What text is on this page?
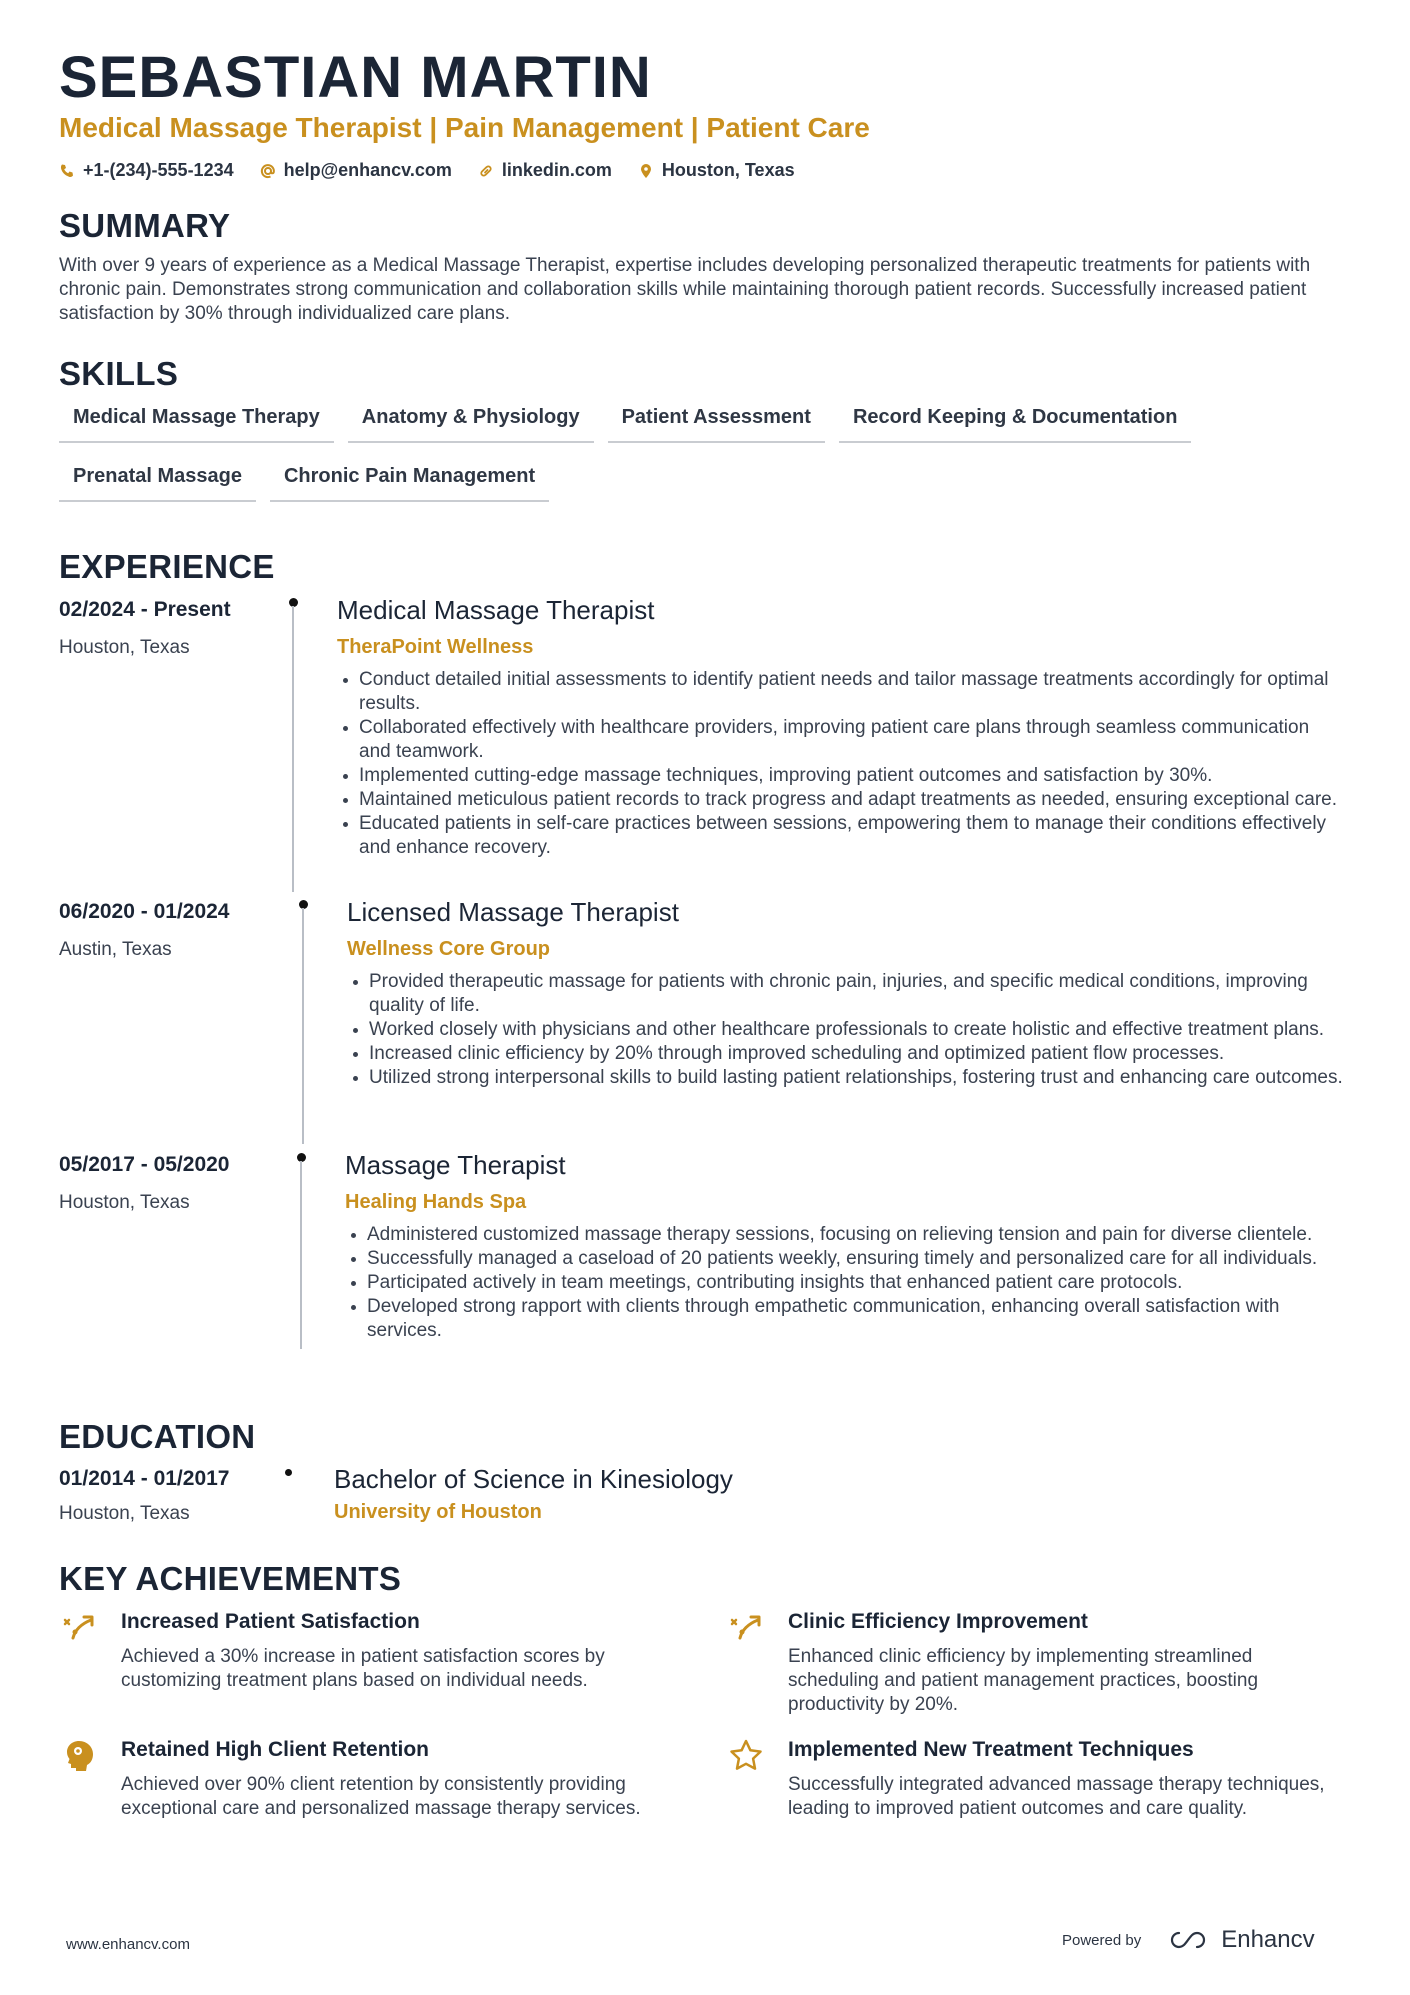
SEBASTIAN MARTIN
Medical Massage Therapist | Pain Management | Patient Care
+1-(234)-555-1234	help@enhancv.com	linkedin.com	Houston, Texas
SUMMARY
With over 9 years of experience as a Medical Massage Therapist, expertise includes developing personalized therapeutic treatments for patients with chronic pain. Demonstrates strong communication and collaboration skills while maintaining thorough patient records. Successfully increased patient satisfaction by 30% through individualized care plans.
SKILLS
Medical Massage Therapy	Anatomy & Physiology	Patient Assessment	Record Keeping & Documentation
Prenatal Massage	Chronic Pain Management
EXPERIENCE
02/2024 - Present
Houston, Texas
Medical Massage Therapist
TheraPoint Wellness
Conduct detailed initial assessments to identify patient needs and tailor massage treatments accordingly for optimal results.
Collaborated effectively with healthcare providers, improving patient care plans through seamless communication and teamwork.
Implemented cutting-edge massage techniques, improving patient outcomes and satisfaction by 30%.
Maintained meticulous patient records to track progress and adapt treatments as needed, ensuring exceptional care.
Educated patients in self-care practices between sessions, empowering them to manage their conditions effectively and enhance recovery.
06/2020 - 01/2024
Austin, Texas
Licensed Massage Therapist
Wellness Core Group
Provided therapeutic massage for patients with chronic pain, injuries, and specific medical conditions, improving quality of life.
Worked closely with physicians and other healthcare professionals to create holistic and effective treatment plans.
Increased clinic efficiency by 20% through improved scheduling and optimized patient flow processes.
Utilized strong interpersonal skills to build lasting patient relationships, fostering trust and enhancing care outcomes.
05/2017 - 05/2020
Houston, Texas
Massage Therapist
Healing Hands Spa
Administered customized massage therapy sessions, focusing on relieving tension and pain for diverse clientele.
Successfully managed a caseload of 20 patients weekly, ensuring timely and personalized care for all individuals.
Participated actively in team meetings, contributing insights that enhanced patient care protocols.
Developed strong rapport with clients through empathetic communication, enhancing overall satisfaction with services.
EDUCATION
01/2014 - 01/2017
Houston, Texas
Bachelor of Science in Kinesiology
University of Houston
KEY ACHIEVEMENTS
Increased Patient Satisfaction
Achieved a 30% increase in patient satisfaction scores by customizing treatment plans based on individual needs.
Clinic Efficiency Improvement
Enhanced clinic efficiency by implementing streamlined scheduling and patient management practices, boosting productivity by 20%.
Retained High Client Retention
Achieved over 90% client retention by consistently providing exceptional care and personalized massage therapy services.
Implemented New Treatment Techniques
Successfully integrated advanced massage therapy techniques, leading to improved patient outcomes and care quality.
www.enhancv.com	Powered by	Enhancv
